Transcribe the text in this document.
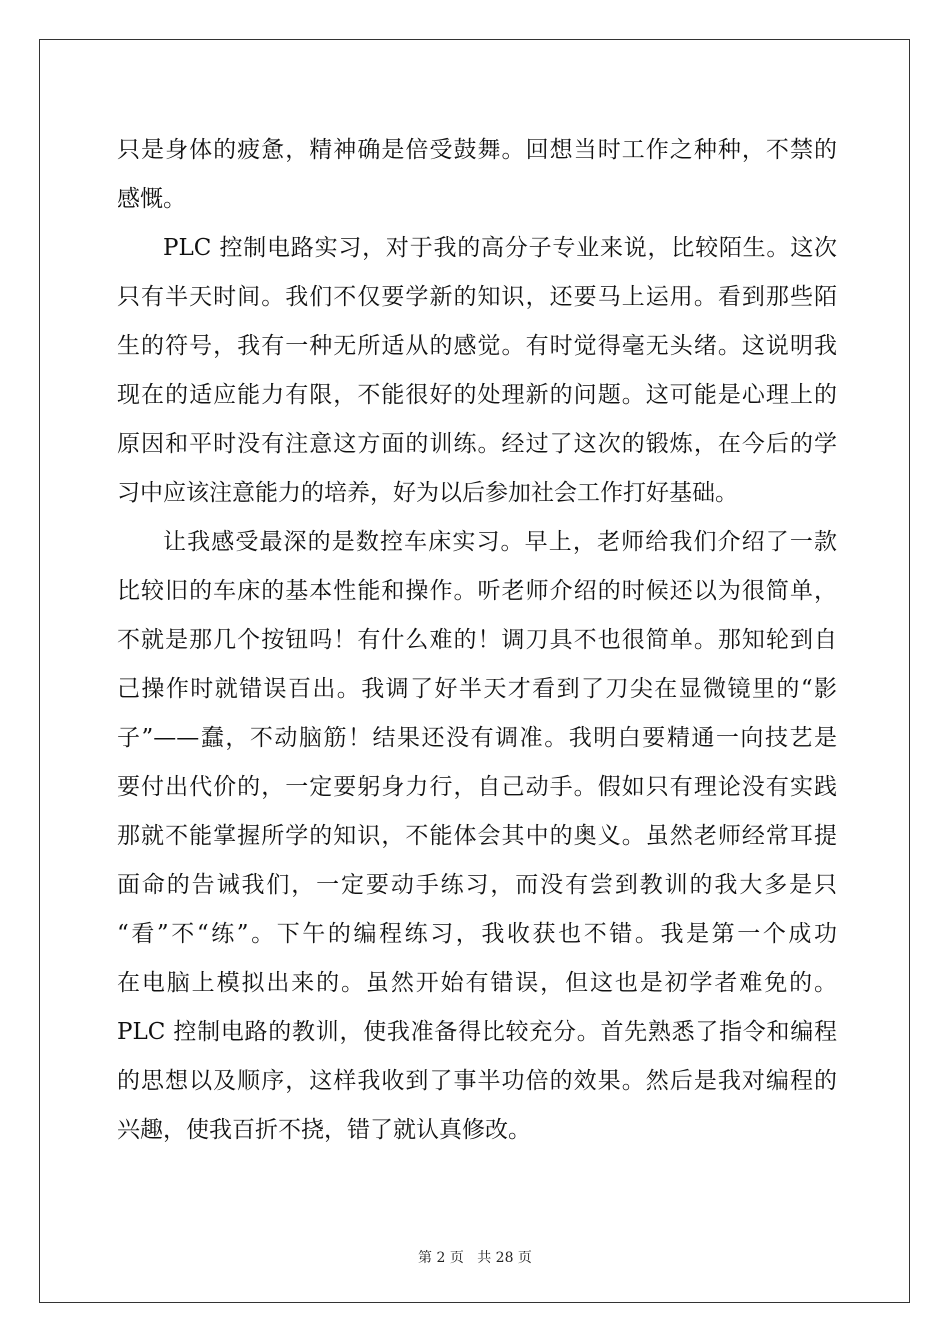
只是身体的疲惫，精神确是倍受鼓舞。回想当时工作之种种，不禁的
感慨。
PLC 控制电路实习，对于我的高分子专业来说，比较陌生。这次
只有半天时间。我们不仅要学新的知识，还要马上运用。看到那些陌
生的符号，我有一种无所适从的感觉。有时觉得毫无头绪。这说明我
现在的适应能力有限，不能很好的处理新的问题。这可能是心理上的
原因和平时没有注意这方面的训练。经过了这次的锻炼，在今后的学
习中应该注意能力的培养，好为以后参加社会工作打好基础。
让我感受最深的是数控车床实习。早上，老师给我们介绍了一款
比较旧的车床的基本性能和操作。听老师介绍的时候还以为很简单，
不就是那几个按钮吗！有什么难的！调刀具不也很简单。那知轮到自
己操作时就错误百出。我调了好半天才看到了刀尖在显微镜里的“影
子”——蠢，不动脑筋！结果还没有调准。我明白要精通一向技艺是
要付出代价的，一定要躬身力行，自己动手。假如只有理论没有实践
那就不能掌握所学的知识，不能体会其中的奥义。虽然老师经常耳提
面命的告诫我们，一定要动手练习，而没有尝到教训的我大多是只
“看”不“练”。下午的编程练习，我收获也不错。我是第一个成功
在电脑上模拟出来的。虽然开始有错误，但这也是初学者难免的。
PLC 控制电路的教训，使我准备得比较充分。首先熟悉了指令和编程
的思想以及顺序，这样我收到了事半功倍的效果。然后是我对编程的
兴趣，使我百折不挠，错了就认真修改。
第 2 页 共 28 页
